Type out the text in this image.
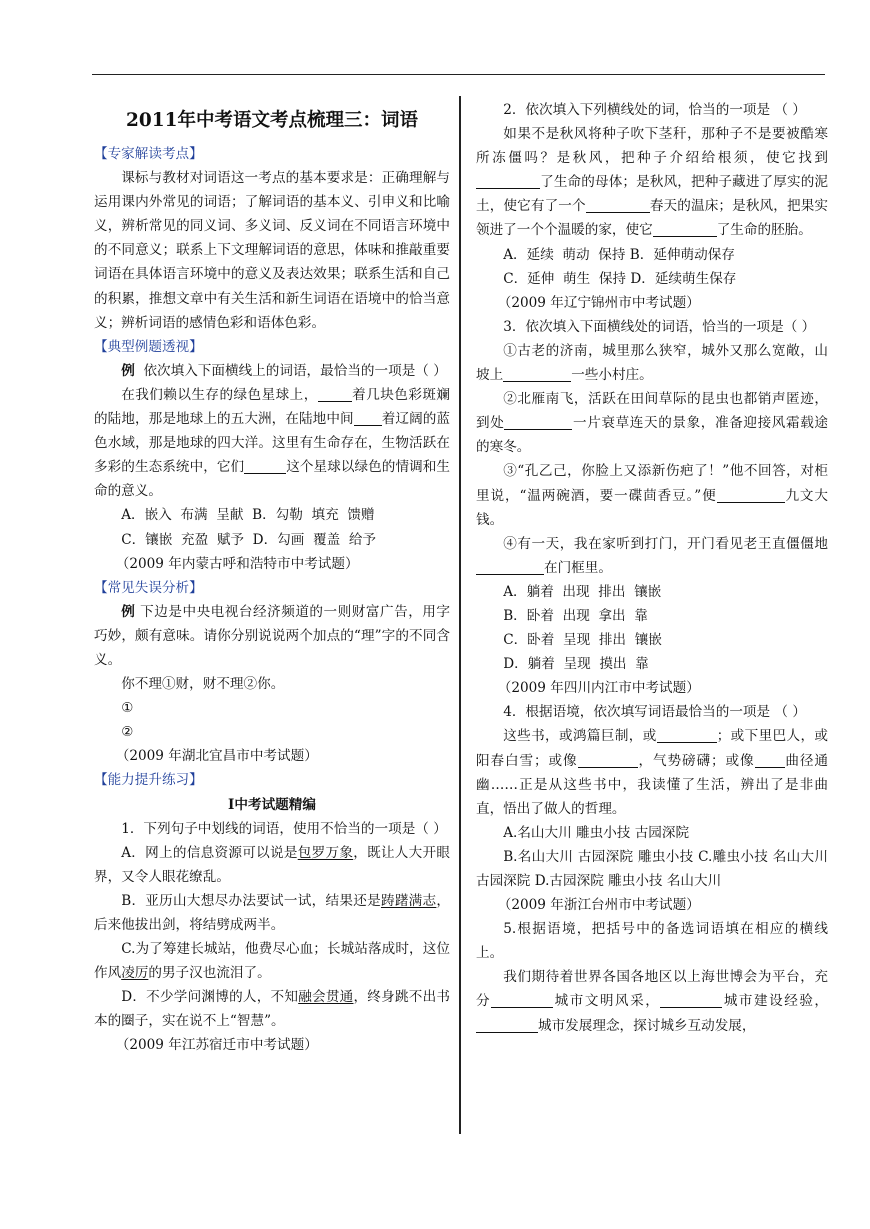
2011年中考语文考点梳理三：词语

【专家解读考点】

课标与教材对词语这一考点的基本要求是：正确理解与运用课内外常见的词语；了解词语的基本义、引申义和比喻义，辨析常见的同义词、多义词、反义词在不同语言环境中的不同意义；联系上下文理解词语的意思，体味和推敲重要词语在具体语言环境中的意义及表达效果；联系生活和自己的积累，推想文章中有关生活和新生词语在语境中的恰当意义；辨析词语的感情色彩和语体色彩。

【典型例题透视】

例 依次填入下面横线上的词语，最恰当的一项是（ ）

在我们赖以生存的绿色星球上，	着几块色彩斑斓的陆地，那是地球上的五大洲，在陆地中间 着辽阔的蓝色水域，那是地球的四大洋。这里有生命存在，生物活跃在多彩的生态系统中，它们	这个星球以绿色的情调和生命的意义。

A．嵌入  布满  呈献  B．勾勒  填充  馈赠

C．镶嵌  充盈  赋予  D．勾画  覆盖  给予

（2009 年内蒙古呼和浩特市中考试题）

【常见失误分析】

例 下边是中央电视台经济频道的一则财富广告，用字巧妙，颇有意味。请你分别说说两个加点的“理”字的不同含义。

你不理①财，财不理②你。

①

②

（2009 年湖北宜昌市中考试题）

【能力提升练习】

Ⅰ中考试题精编

1．下列句子中划线的词语，使用不恰当的一项是（ ）

A．网上的信息资源可以说是包罗万象，既让人大开眼界，又令人眼花缭乱。

B．亚历山大想尽办法要试一试，结果还是踌躇满志，后来他拔出剑，将结劈成两半。

C.为了筹建长城站，他费尽心血；长城站落成时，这位作风凌厉的男子汉也流泪了。

D．不少学问渊博的人，不知融会贯通，终身跳不出书本的圈子，实在说不上“智慧”。

（2009 年江苏宿迁市中考试题）

2．依次填入下列横线处的词，恰当的一项是 （ ）

如果不是秋风将种子吹下茎秆，那种子不是要被酷寒所冻僵吗？是秋风，把种子介绍给根须，使它找到了生命的母体；是秋风，把种子藏进了厚实的泥土，使它有了一个	春天的温床；是秋风，把果实领进了一个个温暖的家，使它	了生命的胚胎。

A．延续  萌动  保持 B．延伸萌动保存

C．延伸  萌生  保持 D．延续萌生保存

（2009 年辽宁锦州市中考试题）

3．依次填入下面横线处的词语，恰当的一项是（ ）

①古老的济南，城里那么狭窄，城外又那么宽敞，山坡上	一些小村庄。

②北雁南飞，活跃在田间草际的昆虫也都销声匿迹，到处	一片衰草连天的景象，准备迎接风霜载途的寒冬。

③“孔乙己，你脸上又添新伤疤了！”他不回答，对柜里说，“温两碗酒，要一碟茴香豆。”便	九文大钱。

④有一天，我在家听到打门，开门看见老王直僵僵地在门框里。

A．躺着  出现  排出  镶嵌

B．卧着  出现  拿出  靠

C．卧着  呈现  排出  镶嵌

D．躺着  呈现  摸出  靠

（2009 年四川内江市中考试题）

4．根据语境，依次填写词语最恰当的一项是 （ ）

这些书，或鸿篇巨制，或	；或下里巴人，或阳春白雪；或像	，气势磅礴；或像 曲径通幽……正是从这些书中，我读懂了生活，辨出了是非曲直，悟出了做人的哲理。

A.名山大川 雕虫小技 古园深院

B.名山大川 古园深院 雕虫小技 C.雕虫小技 名山大川 古园深院 D.古园深院 雕虫小技 名山大川

（2009 年浙江台州市中考试题）

5.根据语境，把括号中的备选词语填在相应的横线上。

我们期待着世界各国各地区以上海世博会为平台，充分	城市文明风采，	城市建设经验，城市发展理念，探讨城乡互动发展，
